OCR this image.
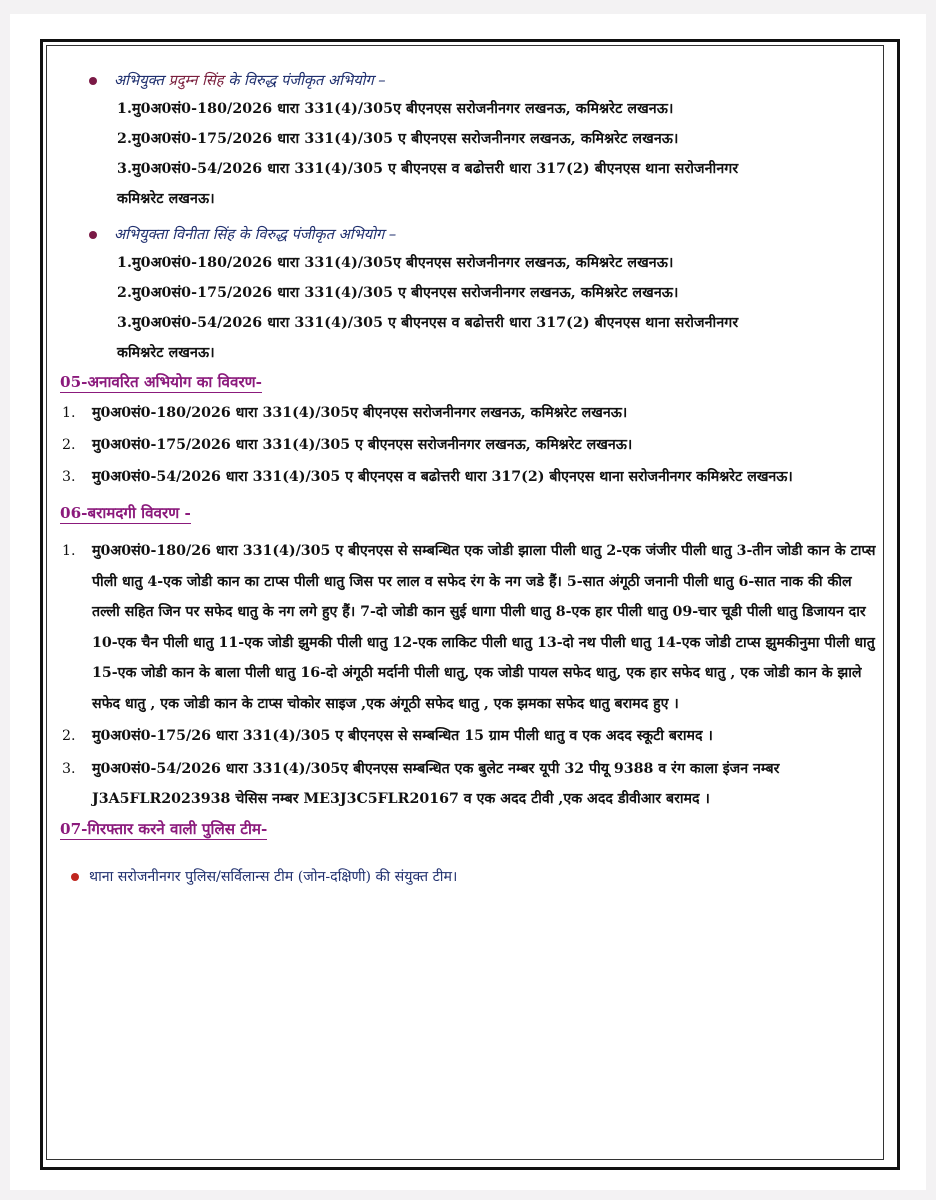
अभियुक्त प्रदुम्न सिंह के विरुद्ध पंजीकृत अभियोग –

1.मु0अ0सं0-180/2026 धारा 331(4)/305ए बीएनएस सरोजनीनगर लखनऊ, कमिश्नरेट लखनऊ।

2.मु0अ0सं0-175/2026 धारा 331(4)/305 ए बीएनएस सरोजनीनगर लखनऊ, कमिश्नरेट लखनऊ।

3.मु0अ0सं0-54/2026 धारा 331(4)/305 ए बीएनएस व बढोत्तरी धारा 317(2) बीएनएस थाना सरोजनीनगर

कमिश्नरेट लखनऊ।

अभियुक्ता विनीता सिंह के विरुद्ध पंजीकृत अभियोग –

1.मु0अ0सं0-180/2026 धारा 331(4)/305ए बीएनएस सरोजनीनगर लखनऊ, कमिश्नरेट लखनऊ।

2.मु0अ0सं0-175/2026 धारा 331(4)/305 ए बीएनएस सरोजनीनगर लखनऊ, कमिश्नरेट लखनऊ।

3.मु0अ0सं0-54/2026 धारा 331(4)/305 ए बीएनएस व बढोत्तरी धारा 317(2) बीएनएस थाना सरोजनीनगर

कमिश्नरेट लखनऊ।

05-अनावरित अभियोग का विवरण-
1. मु0अ0सं0-180/2026 धारा 331(4)/305ए बीएनएस सरोजनीनगर लखनऊ, कमिश्नरेट लखनऊ।
2. मु0अ0सं0-175/2026 धारा 331(4)/305 ए बीएनएस सरोजनीनगर लखनऊ, कमिश्नरेट लखनऊ।
3. मु0अ0सं0-54/2026 धारा 331(4)/305 ए बीएनएस व बढोत्तरी धारा 317(2) बीएनएस थाना सरोजनीनगर कमिश्नरेट लखनऊ।
06-बरामदगी विवरण -
1. मु0अ0सं0-180/26 धारा 331(4)/305 ए बीएनएस से सम्बन्धित एक जोडी झाला पीली धातु 2-एक जंजीर पीली धातु 3-तीन जोडी कान के टाप्स पीली धातु 4-एक जोडी कान का टाप्स पीली धातु जिस पर लाल व सफेद रंग के नग जडे हैं। 5-सात अंगूठी जनानी पीली धातु 6-सात नाक की कील तल्ली सहित जिन पर सफेद धातु के नग लगे हुए हैं। 7-दो जोडी कान सुई धागा पीली धातु 8-एक हार पीली धातु 09-चार चूडी पीली धातु डिजायन दार 10-एक चैन पीली धातु 11-एक जोडी झुमकी पीली धातु 12-एक लाकिट पीली धातु 13-दो नथ पीली धातु 14-एक जोडी टाप्स झुमकीनुमा पीली धातु 15-एक जोडी कान के बाला पीली धातु 16-दो अंगूठी मर्दानी पीली धातु, एक जोडी पायल सफेद धातु, एक हार सफेद धातु , एक जोडी कान के झाले सफेद धातु , एक जोडी कान के टाप्स चोकोर साइज ,एक अंगूठी सफेद धातु , एक झमका सफेद धातु बरामद हुए ।
2. मु0अ0सं0-175/26 धारा 331(4)/305 ए बीएनएस से सम्बन्धित 15 ग्राम पीली धातु व एक अदद स्कूटी बरामद ।
3. मु0अ0सं0-54/2026 धारा 331(4)/305ए बीएनएस सम्बन्धित एक बुलेट नम्बर यूपी 32 पीयू 9388 व रंग काला इंजन नम्बर J3A5FLR2023938 चेसिस नम्बर ME3J3C5FLR20167 व एक अदद टीवी ,एक अदद डीवीआर बरामद ।
07-गिरफ्तार करने वाली पुलिस टीम-
थाना सरोजनीनगर पुलिस/सर्विलान्स टीम (जोन-दक्षिणी) की संयुक्त टीम।
